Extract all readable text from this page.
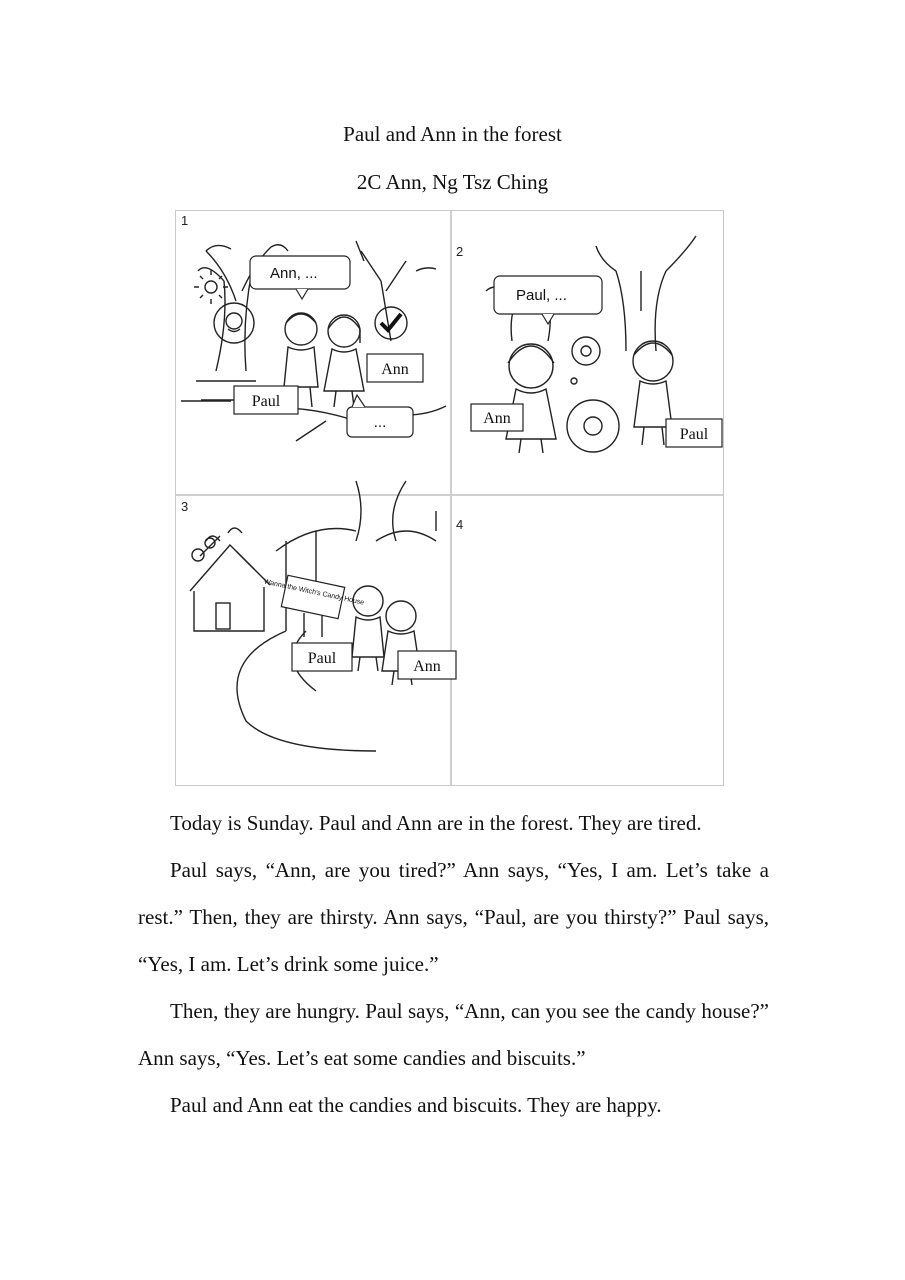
Paul and Ann in the forest
2C Ann, Ng Tsz Ching
1
2
3
4
Ann, ...
Ann
Paul
...
Paul, ...
Ann
Paul
Wanna the Witch's Candy House
Paul	Ann

Today is Sunday. Paul and Ann are in the forest. They are tired.

Paul says, “Ann, are you tired?” Ann says, “Yes, I am. Let’s take a rest.” Then, they are thirsty. Ann says, “Paul, are you thirsty?” Paul says, “Yes, I am. Let’s drink some juice.”

Then, they are hungry. Paul says, “Ann, can you see the candy house?” Ann says, “Yes. Let’s eat some candies and biscuits.”

Paul and Ann eat the candies and biscuits. They are happy.
